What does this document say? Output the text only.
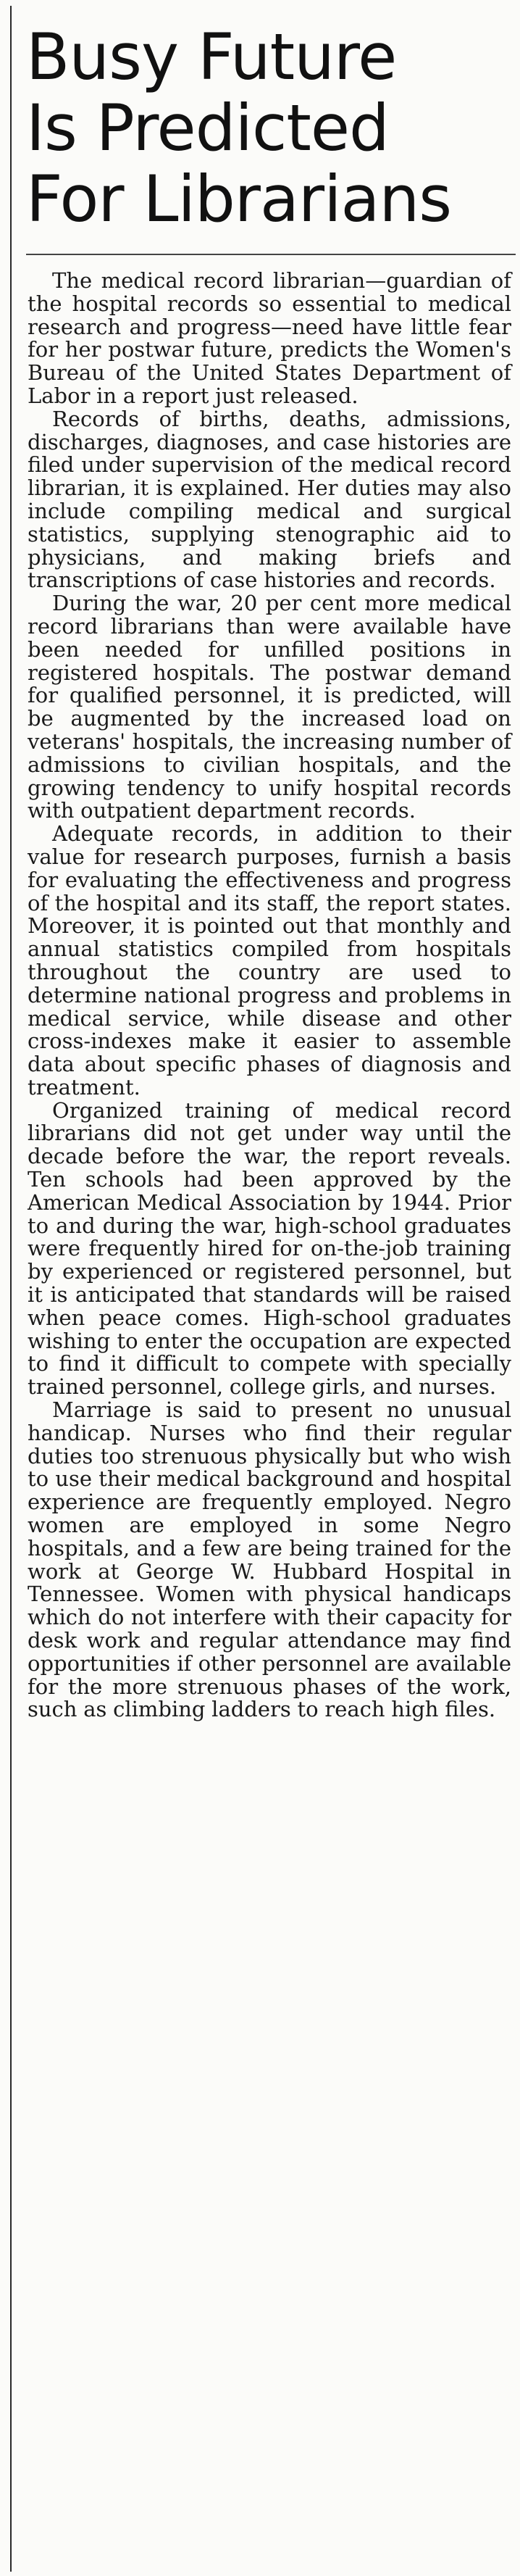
Busy Future
Is Predicted
For Librarians

The medical record librarian—guardian of the hospital records so essential to medical research and progress—need have little fear for her postwar future, predicts the Women's Bureau of the United States Department of Labor in a report just released.

Records of births, deaths, admissions, discharges, diagnoses, and case histories are filed under supervision of the medical record librarian, it is explained. Her duties may also include compiling medical and surgical statistics, supplying stenographic aid to physicians, and making briefs and transcriptions of case histories and records.

During the war, 20 per cent more medical record librarians than were available have been needed for unfilled positions in registered hospitals. The postwar demand for qualified personnel, it is predicted, will be augmented by the increased load on veterans' hospitals, the increasing number of admissions to civilian hospitals, and the growing tendency to unify hospital records with outpatient department records.

Adequate records, in addition to their value for research purposes, furnish a basis for evaluating the effectiveness and progress of the hospital and its staff, the report states. Moreover, it is pointed out that monthly and annual statistics compiled from hospitals throughout the country are used to determine national progress and problems in medical service, while disease and other cross-indexes make it easier to assemble data about specific phases of diagnosis and treatment.

Organized training of medical record librarians did not get under way until the decade before the war, the report reveals. Ten schools had been approved by the American Medical Association by 1944. Prior to and during the war, high-school graduates were frequently hired for on-the-job training by experienced or registered personnel, but it is anticipated that standards will be raised when peace comes. High-school graduates wishing to enter the occupation are expected to find it difficult to compete with specially trained personnel, college girls, and nurses.

Marriage is said to present no unusual handicap. Nurses who find their regular duties too strenuous physically but who wish to use their medical background and hospital experience are frequently employed. Negro women are employed in some Negro hospitals, and a few are being trained for the work at George W. Hubbard Hospital in Tennessee. Women with physical handicaps which do not interfere with their capacity for desk work and regular attendance may find opportunities if other personnel are available for the more strenuous phases of the work, such as climbing ladders to reach high files.
